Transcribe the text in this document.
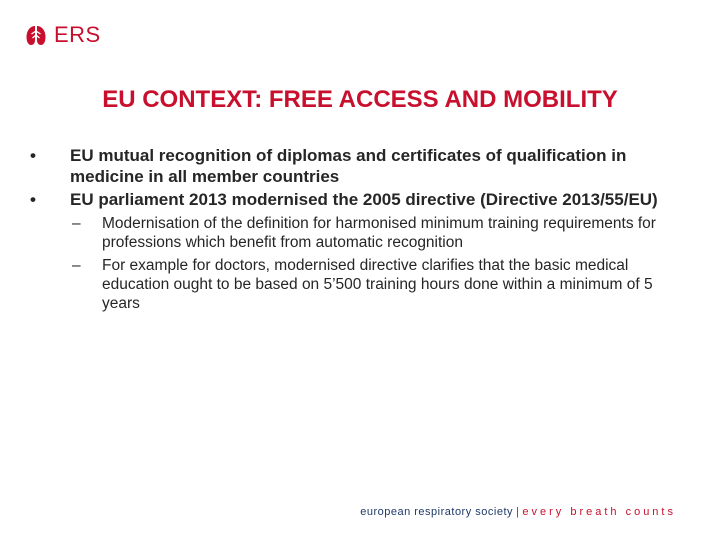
ERS
EU CONTEXT: FREE ACCESS AND MOBILITY
• EU mutual recognition of diplomas and certificates of qualification in medicine in all member countries
• EU parliament 2013 modernised the 2005 directive (Directive 2013/55/EU)
– Modernisation of the definition for harmonised minimum training requirements for professions which benefit from automatic recognition
– For example for doctors, modernised directive clarifies that the basic medical education ought to be based on 5’500 training hours done within a minimum of 5 years
european respiratory society | every breath counts
